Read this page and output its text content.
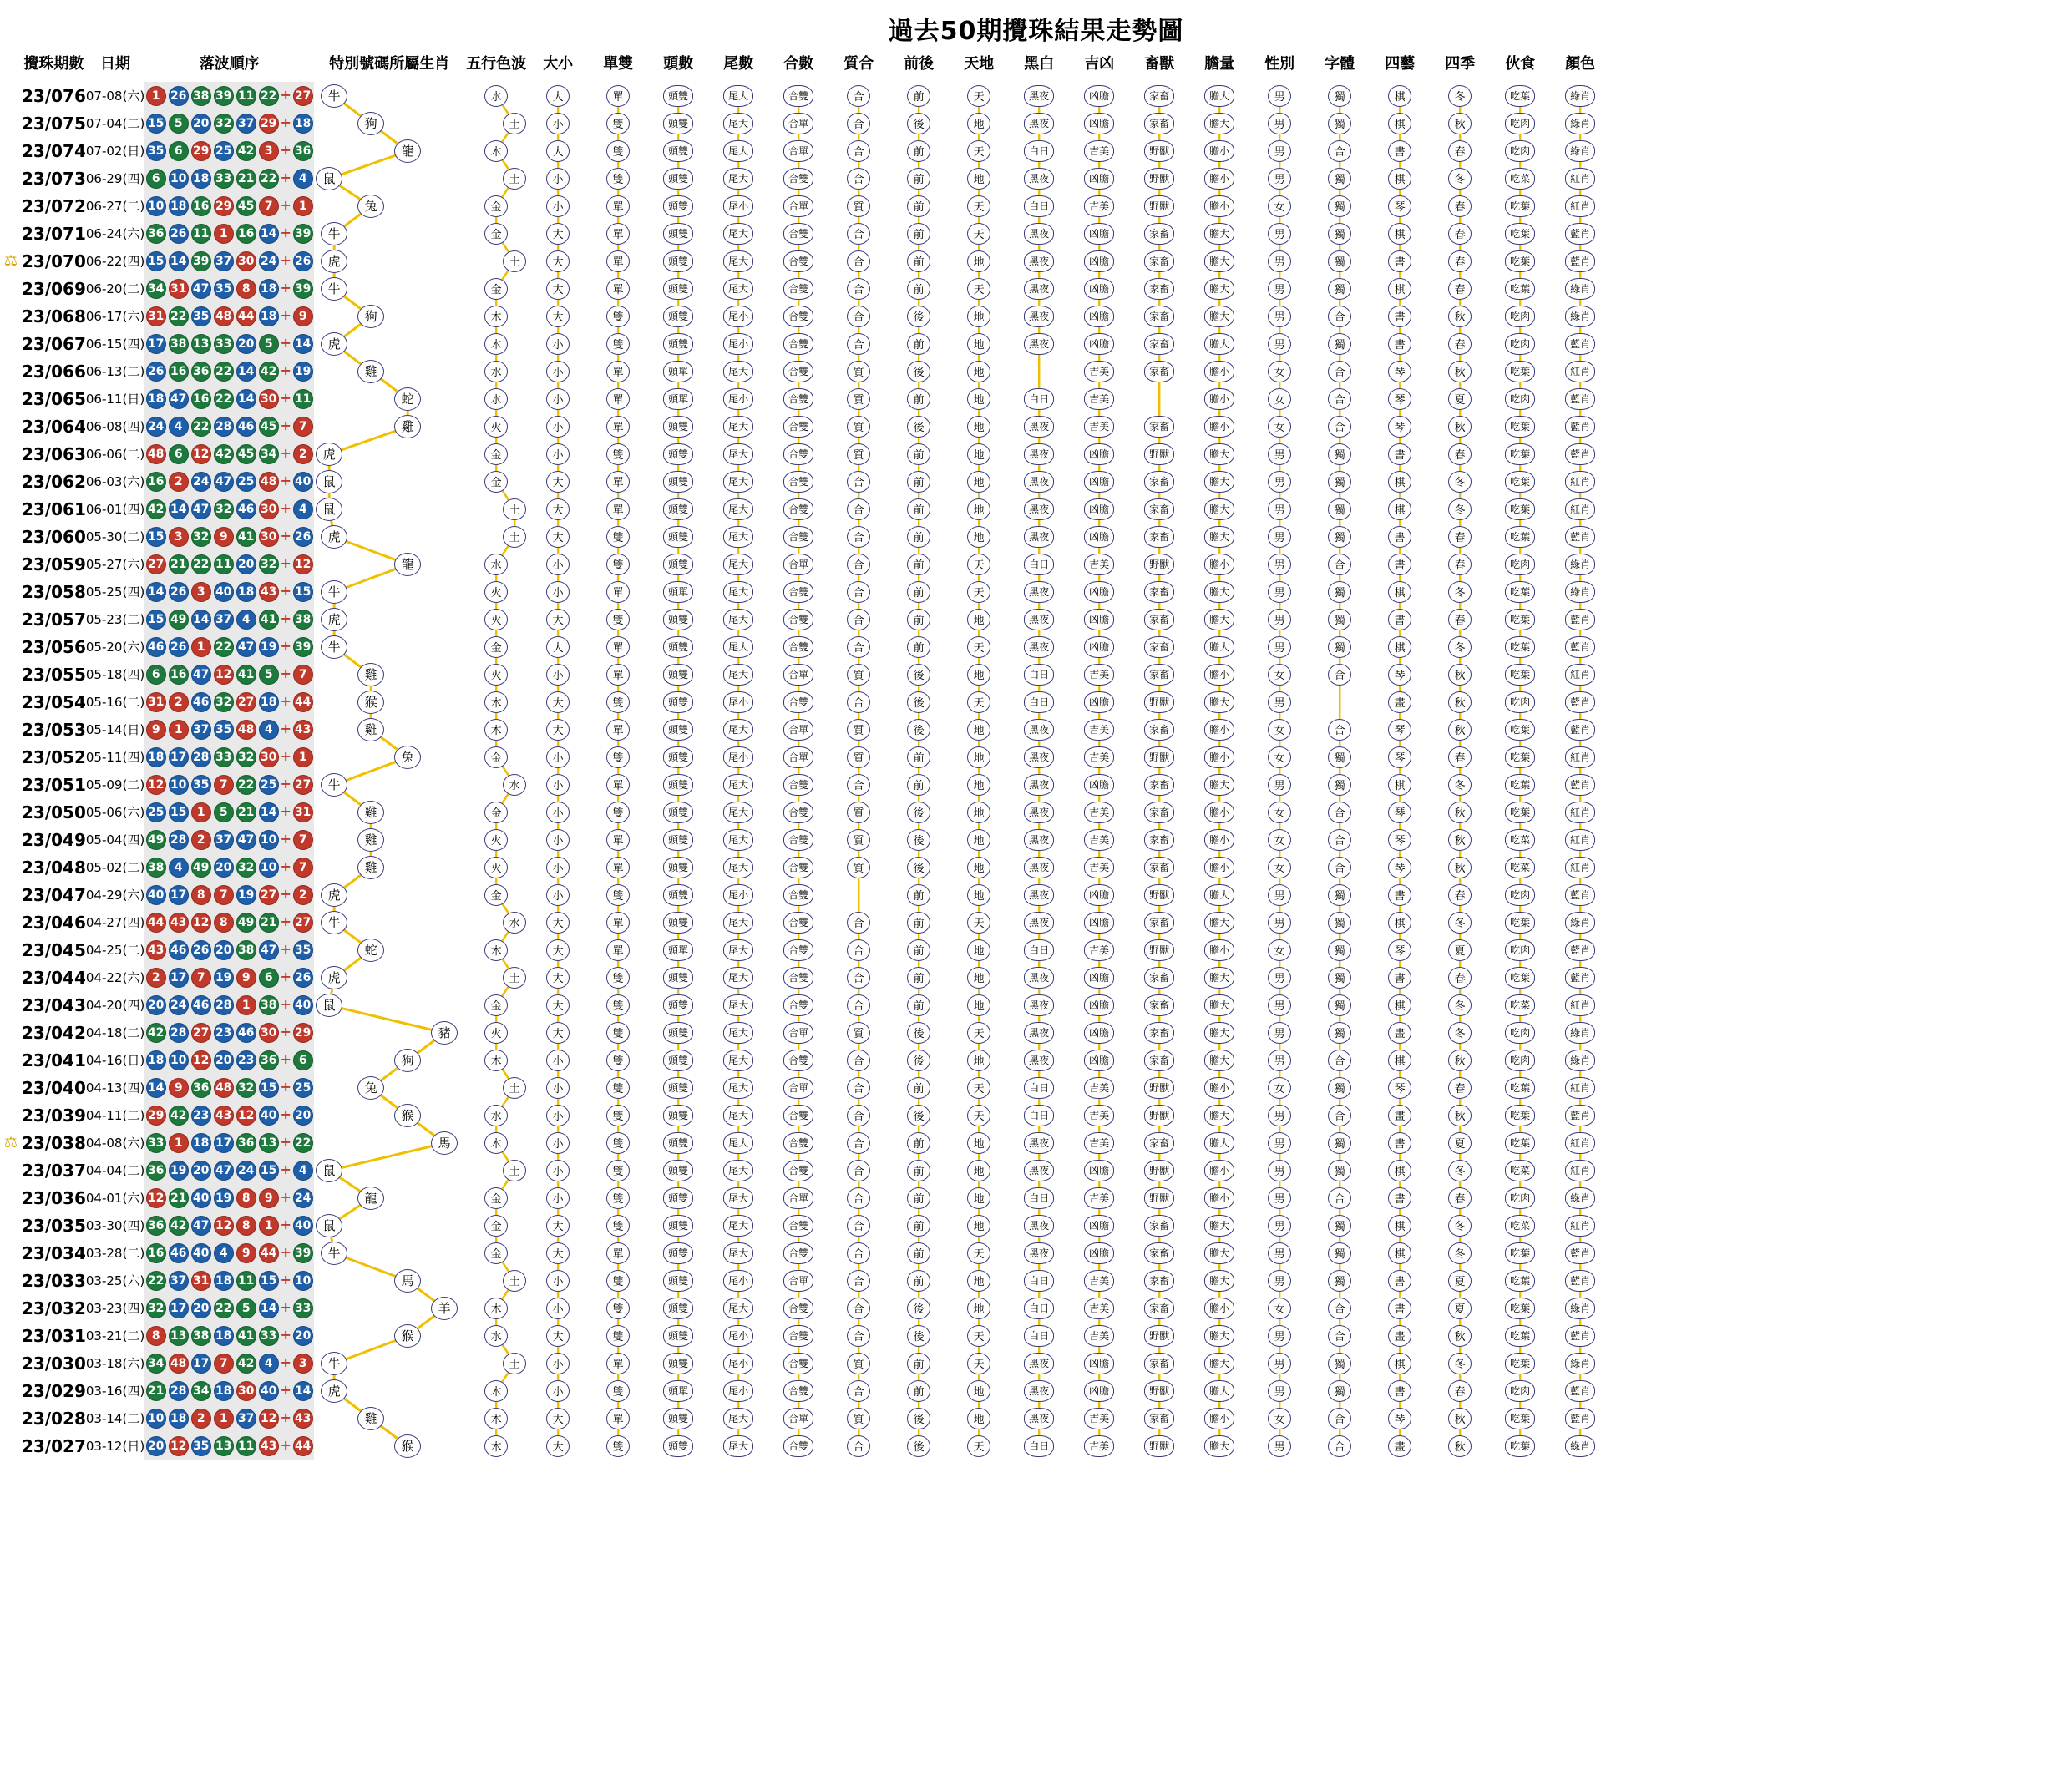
過去50期攪珠結果走勢圖
	攪珠期數	日期	落波順序	特別號碼所屬生肖	五行色波	大小	單雙	頭數	尾數	合數	質合	前後	天地	黑白	吉凶	畜獸	膽量	性別	字體	四藝	四季	伙食	顏色
	23/076	07-08(六)	1 26 38 39 11 22 + 27	牛	水	大	單	頭雙	尾大	合雙	合	前	天	黑夜	凶膽	家畜	膽大	男	獨	棋	冬	吃葉	綠肖
	23/075	07-04(二)	15 5 20 32 37 29 + 18	狗	土	小	雙	頭雙	尾大	合單	合	後	地	黑夜	凶膽	家畜	膽大	男	獨	棋	秋	吃肉	綠肖
	23/074	07-02(日)	35 6 29 25 42 3 + 36	龍	木	大	雙	頭雙	尾大	合單	合	前	天	白日	吉美	野獸	膽小	男	合	書	春	吃肉	綠肖
	23/073	06-29(四)	6 10 18 33 21 22 + 4	鼠	土	小	雙	頭雙	尾大	合雙	合	前	地	黑夜	凶膽	野獸	膽小	男	獨	棋	冬	吃菜	紅肖
	23/072	06-27(二)	10 18 16 29 45 7 + 1	兔	金	小	單	頭雙	尾小	合單	質	前	天	白日	吉美	野獸	膽小	女	獨	琴	春	吃葉	紅肖
	23/071	06-24(六)	36 26 11 1 16 14 + 39	牛	金	大	單	頭雙	尾大	合雙	合	前	天	黑夜	凶膽	家畜	膽大	男	獨	棋	春	吃葉	藍肖
⚖	23/070	06-22(四)	15 14 39 37 30 24 + 26	虎	土	大	單	頭雙	尾大	合雙	合	前	地	黑夜	凶膽	家畜	膽大	男	獨	書	春	吃葉	藍肖
	23/069	06-20(二)	34 31 47 35 8 18 + 39	牛	金	大	單	頭雙	尾大	合雙	合	前	天	黑夜	凶膽	家畜	膽大	男	獨	棋	春	吃葉	綠肖
	23/068	06-17(六)	31 22 35 48 44 18 + 9	狗	木	大	雙	頭雙	尾小	合雙	合	後	地	黑夜	凶膽	家畜	膽大	男	合	書	秋	吃肉	綠肖
	23/067	06-15(四)	17 38 13 33 20 5 + 14	虎	木	小	雙	頭雙	尾小	合雙	合	前	地	黑夜	凶膽	家畜	膽大	男	獨	書	春	吃肉	藍肖
	23/066	06-13(二)	26 16 36 22 14 42 + 19	雞	水	小	單	頭單	尾大	合雙	質	後	地		吉美	家畜	膽小	女	合	琴	秋	吃葉	紅肖
	23/065	06-11(日)	18 47 16 22 14 30 + 11	蛇	水	小	單	頭單	尾小	合雙	質	前	地	白日	吉美		膽小	女	合	琴	夏	吃肉	藍肖
	23/064	06-08(四)	24 4 22 28 46 45 + 7	雞	火	小	單	頭雙	尾大	合雙	質	後	地	黑夜	吉美	家畜	膽小	女	合	琴	秋	吃葉	藍肖
	23/063	06-06(二)	48 6 12 42 45 34 + 2	虎	金	小	雙	頭雙	尾大	合雙	質	前	地	黑夜	凶膽	野獸	膽大	男	獨	書	春	吃葉	藍肖
	23/062	06-03(六)	16 2 24 47 25 48 + 40	鼠	金	大	單	頭雙	尾大	合雙	合	前	地	黑夜	凶膽	家畜	膽大	男	獨	棋	冬	吃葉	紅肖
	23/061	06-01(四)	42 14 47 32 46 30 + 4	鼠	土	大	單	頭雙	尾大	合雙	合	前	地	黑夜	凶膽	家畜	膽大	男	獨	棋	冬	吃葉	紅肖
	23/060	05-30(二)	15 3 32 9 41 30 + 26	虎	土	大	雙	頭雙	尾大	合雙	合	前	地	黑夜	凶膽	家畜	膽大	男	獨	書	春	吃葉	藍肖
	23/059	05-27(六)	27 21 22 11 20 32 + 12	龍	水	小	雙	頭雙	尾大	合單	合	前	天	白日	吉美	野獸	膽小	男	合	書	春	吃肉	綠肖
	23/058	05-25(四)	14 26 3 40 18 43 + 15	牛	火	小	單	頭單	尾大	合雙	合	前	天	黑夜	凶膽	家畜	膽大	男	獨	棋	冬	吃葉	綠肖
	23/057	05-23(二)	15 49 14 37 4 41 + 38	虎	火	大	雙	頭雙	尾大	合雙	合	前	地	黑夜	凶膽	家畜	膽大	男	獨	書	春	吃葉	藍肖
	23/056	05-20(六)	46 26 1 22 47 19 + 39	牛	金	大	單	頭雙	尾大	合雙	合	前	天	黑夜	凶膽	家畜	膽大	男	獨	棋	冬	吃葉	藍肖
	23/055	05-18(四)	6 16 47 12 41 5 + 7	雞	火	小	單	頭雙	尾大	合單	質	後	地	白日	吉美	家畜	膽小	女	合	琴	秋	吃葉	紅肖
	23/054	05-16(二)	31 2 46 32 27 18 + 44	猴	木	大	雙	頭雙	尾小	合雙	合	後	天	白日	凶膽	野獸	膽大	男		畫	秋	吃肉	藍肖
	23/053	05-14(日)	9 1 37 35 48 4 + 43	雞	木	大	單	頭雙	尾大	合單	質	後	地	黑夜	吉美	家畜	膽小	女	合	琴	秋	吃葉	藍肖
	23/052	05-11(四)	18 17 28 33 32 30 + 1	兔	金	小	雙	頭雙	尾小	合單	質	前	地	黑夜	吉美	野獸	膽小	女	獨	琴	春	吃葉	紅肖
	23/051	05-09(二)	12 10 35 7 22 25 + 27	牛	水	小	單	頭雙	尾大	合雙	合	前	地	黑夜	凶膽	家畜	膽大	男	獨	棋	冬	吃葉	藍肖
	23/050	05-06(六)	25 15 1 5 21 14 + 31	雞	金	小	雙	頭雙	尾大	合雙	質	後	地	黑夜	吉美	家畜	膽小	女	合	琴	秋	吃葉	紅肖
	23/049	05-04(四)	49 28 2 37 47 10 + 7	雞	火	小	單	頭雙	尾大	合雙	質	後	地	黑夜	吉美	家畜	膽小	女	合	琴	秋	吃菜	紅肖
	23/048	05-02(二)	38 4 49 20 32 10 + 7	雞	火	小	單	頭雙	尾大	合雙	質	後	地	黑夜	吉美	家畜	膽小	女	合	琴	秋	吃菜	紅肖
	23/047	04-29(六)	40 17 8 7 19 27 + 2	虎	金	小	雙	頭雙	尾小	合雙		前	地	黑夜	凶膽	野獸	膽大	男	獨	書	春	吃肉	藍肖
	23/046	04-27(四)	44 43 12 8 49 21 + 27	牛	水	大	單	頭雙	尾大	合雙	合	前	天	黑夜	凶膽	家畜	膽大	男	獨	棋	冬	吃葉	綠肖
	23/045	04-25(二)	43 46 26 20 38 47 + 35	蛇	木	大	單	頭單	尾大	合雙	合	前	地	白日	吉美	野獸	膽小	女	獨	琴	夏	吃肉	藍肖
	23/044	04-22(六)	2 17 7 19 9 6 + 26	虎	土	大	雙	頭雙	尾大	合雙	合	前	地	黑夜	凶膽	家畜	膽大	男	獨	書	春	吃葉	藍肖
	23/043	04-20(四)	20 24 46 28 1 38 + 40	鼠	金	大	雙	頭雙	尾大	合雙	合	前	地	黑夜	凶膽	家畜	膽大	男	獨	棋	冬	吃菜	紅肖
	23/042	04-18(二)	42 28 27 23 46 30 + 29	豬	火	大	雙	頭雙	尾大	合單	質	後	天	黑夜	凶膽	家畜	膽大	男	獨	畫	冬	吃肉	綠肖
	23/041	04-16(日)	18 10 12 20 23 36 + 6	狗	木	小	雙	頭雙	尾大	合雙	合	後	地	黑夜	凶膽	家畜	膽大	男	合	棋	秋	吃肉	綠肖
	23/040	04-13(四)	14 9 36 48 32 15 + 25	兔	土	小	雙	頭雙	尾大	合單	合	前	天	白日	吉美	野獸	膽小	女	獨	琴	春	吃葉	紅肖
	23/039	04-11(二)	29 42 23 43 12 40 + 20	猴	水	小	雙	頭雙	尾大	合雙	合	後	天	白日	吉美	野獸	膽大	男	合	畫	秋	吃葉	藍肖
⚖	23/038	04-08(六)	33 1 18 17 36 13 + 22	馬	木	小	雙	頭雙	尾大	合雙	合	前	地	黑夜	吉美	家畜	膽大	男	獨	書	夏	吃葉	紅肖
	23/037	04-04(二)	36 19 20 47 24 15 + 4	鼠	土	小	雙	頭雙	尾大	合雙	合	前	地	黑夜	凶膽	野獸	膽小	男	獨	棋	冬	吃菜	紅肖
	23/036	04-01(六)	12 21 40 19 8 9 + 24	龍	金	小	雙	頭雙	尾大	合單	合	前	地	白日	吉美	野獸	膽小	男	合	書	春	吃肉	綠肖
	23/035	03-30(四)	36 42 47 12 8 1 + 40	鼠	金	大	雙	頭雙	尾大	合雙	合	前	地	黑夜	凶膽	家畜	膽大	男	獨	棋	冬	吃菜	紅肖
	23/034	03-28(二)	16 46 40 4 9 44 + 39	牛	金	大	單	頭雙	尾大	合雙	合	前	天	黑夜	凶膽	家畜	膽大	男	獨	棋	冬	吃葉	藍肖
	23/033	03-25(六)	22 37 31 18 11 15 + 10	馬	土	小	雙	頭雙	尾小	合單	合	前	地	白日	吉美	家畜	膽大	男	獨	書	夏	吃葉	藍肖
	23/032	03-23(四)	32 17 20 22 5 14 + 33	羊	木	小	雙	頭雙	尾大	合雙	合	後	地	白日	吉美	家畜	膽小	女	合	書	夏	吃葉	綠肖
	23/031	03-21(二)	8 13 38 18 41 33 + 20	猴	水	大	雙	頭雙	尾小	合雙	合	後	天	白日	吉美	野獸	膽大	男	合	畫	秋	吃葉	藍肖
	23/030	03-18(六)	34 48 17 7 42 4 + 3	牛	土	小	單	頭雙	尾小	合雙	質	前	天	黑夜	凶膽	家畜	膽大	男	獨	棋	冬	吃葉	綠肖
	23/029	03-16(四)	21 28 34 18 30 40 + 14	虎	木	小	雙	頭單	尾小	合雙	合	前	地	黑夜	凶膽	野獸	膽大	男	獨	書	春	吃肉	藍肖
	23/028	03-14(二)	10 18 2 1 37 12 + 43	雞	木	大	單	頭雙	尾大	合單	質	後	地	黑夜	吉美	家畜	膽小	女	合	琴	秋	吃葉	藍肖
	23/027	03-12(日)	20 12 35 13 11 43 + 44	猴	木	大	雙	頭雙	尾大	合雙	合	後	天	白日	吉美	野獸	膽大	男	合	畫	秋	吃葉	綠肖
